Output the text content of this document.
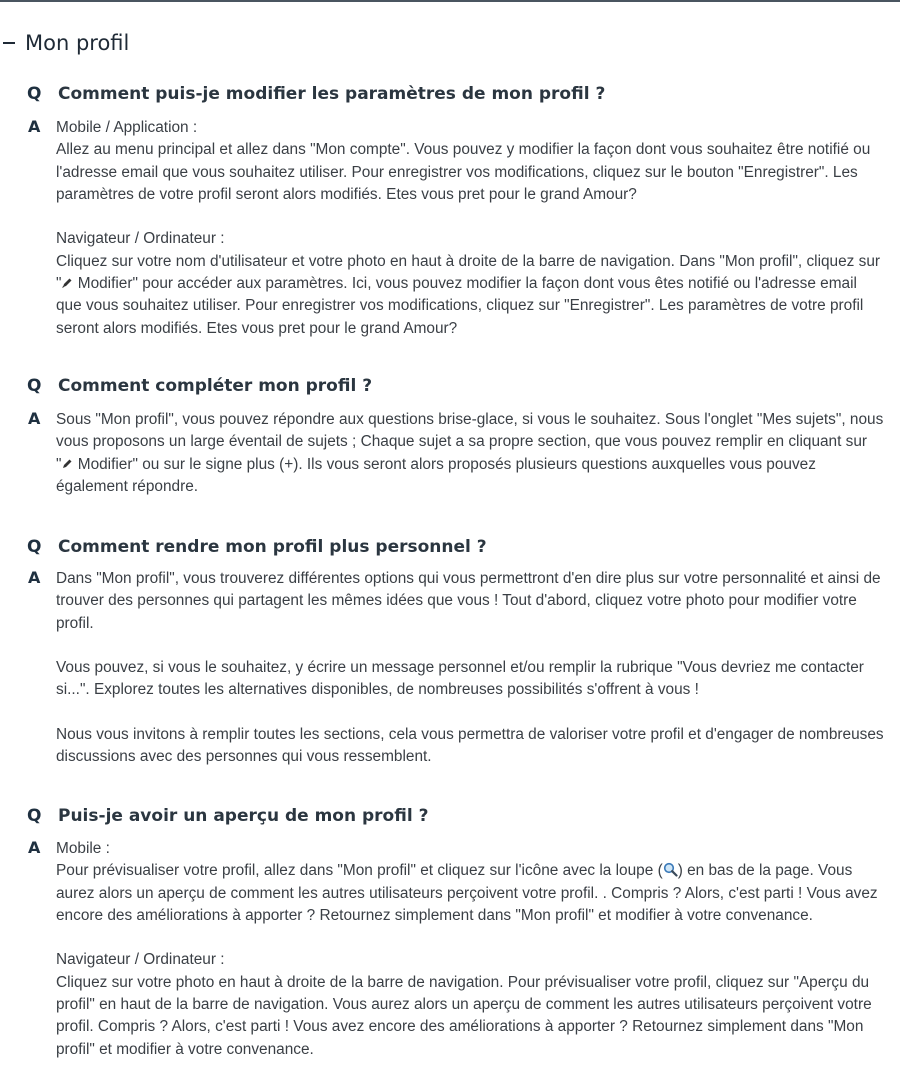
Mon profil
Q Comment puis-je modifier les paramètres de mon profil ?
A Mobile / Application :
Allez au menu principal et allez dans "Mon compte". Vous pouvez y modifier la façon dont vous souhaitez être notifié ou
l'adresse email que vous souhaitez utiliser. Pour enregistrer vos modifications, cliquez sur le bouton "Enregistrer". Les
paramètres de votre profil seront alors modifiés. Etes vous pret pour le grand Amour?

Navigateur / Ordinateur :
Cliquez sur votre nom d'utilisateur et votre photo en haut à droite de la barre de navigation. Dans "Mon profil", cliquez sur
" Modifier" pour accéder aux paramètres. Ici, vous pouvez modifier la façon dont vous êtes notifié ou l'adresse email
que vous souhaitez utiliser. Pour enregistrer vos modifications, cliquez sur "Enregistrer". Les paramètres de votre profil
seront alors modifiés. Etes vous pret pour le grand Amour?

Q Comment compléter mon profil ?
A Sous "Mon profil", vous pouvez répondre aux questions brise-glace, si vous le souhaitez. Sous l'onglet "Mes sujets", nous
vous proposons un large éventail de sujets ; Chaque sujet a sa propre section, que vous pouvez remplir en cliquant sur
" Modifier" ou sur le signe plus (+). Ils vous seront alors proposés plusieurs questions auxquelles vous pouvez
également répondre.

Q Comment rendre mon profil plus personnel ?
A Dans "Mon profil", vous trouverez différentes options qui vous permettront d'en dire plus sur votre personnalité et ainsi de
trouver des personnes qui partagent les mêmes idées que vous ! Tout d'abord, cliquez votre photo pour modifier votre
profil.

Vous pouvez, si vous le souhaitez, y écrire un message personnel et/ou remplir la rubrique "Vous devriez me contacter
si...". Explorez toutes les alternatives disponibles, de nombreuses possibilités s'offrent à vous !

Nous vous invitons à remplir toutes les sections, cela vous permettra de valoriser votre profil et d'engager de nombreuses
discussions avec des personnes qui vous ressemblent.

Q Puis-je avoir un aperçu de mon profil ?
A Mobile :
Pour prévisualiser votre profil, allez dans "Mon profil" et cliquez sur l'icône avec la loupe ( ) en bas de la page. Vous
aurez alors un aperçu de comment les autres utilisateurs perçoivent votre profil. . Compris ? Alors, c'est parti ! Vous avez
encore des améliorations à apporter ? Retournez simplement dans "Mon profil" et modifier à votre convenance.

Navigateur / Ordinateur :
Cliquez sur votre photo en haut à droite de la barre de navigation. Pour prévisualiser votre profil, cliquez sur "Aperçu du
profil" en haut de la barre de navigation. Vous aurez alors un aperçu de comment les autres utilisateurs perçoivent votre
profil. Compris ? Alors, c'est parti ! Vous avez encore des améliorations à apporter ? Retournez simplement dans "Mon
profil" et modifier à votre convenance.
